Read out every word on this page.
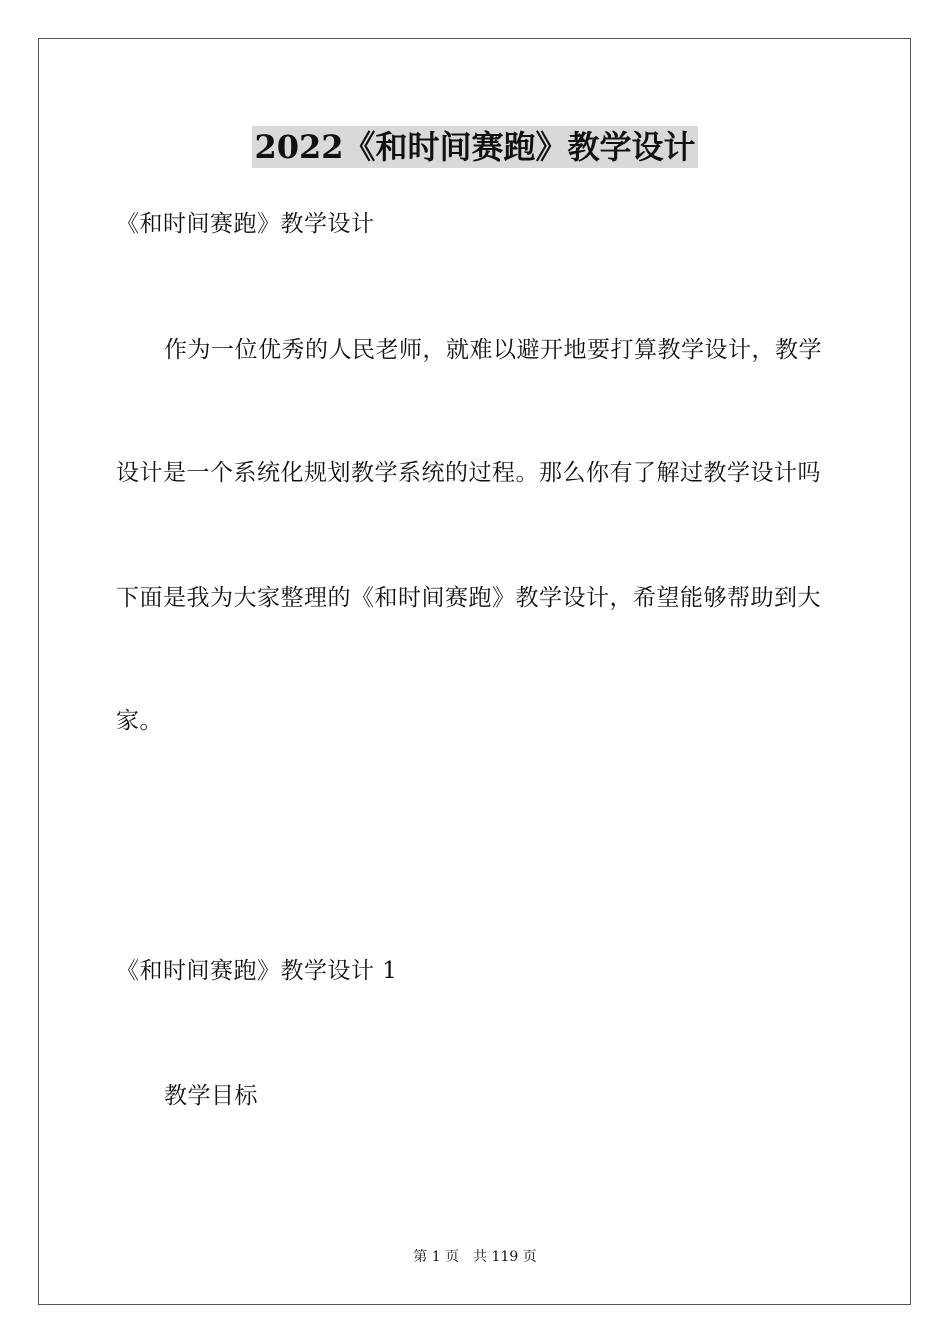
2022《和时间赛跑》教学设计
《和时间赛跑》教学设计
作为一位优秀的人民老师，就难以避开地要打算教学设计，教学
设计是一个系统化规划教学系统的过程。那么你有了解过教学设计吗
下面是我为大家整理的《和时间赛跑》教学设计，希望能够帮助到大
家。
《和时间赛跑》教学设计 1
教学目标
第 1 页　共 119 页
